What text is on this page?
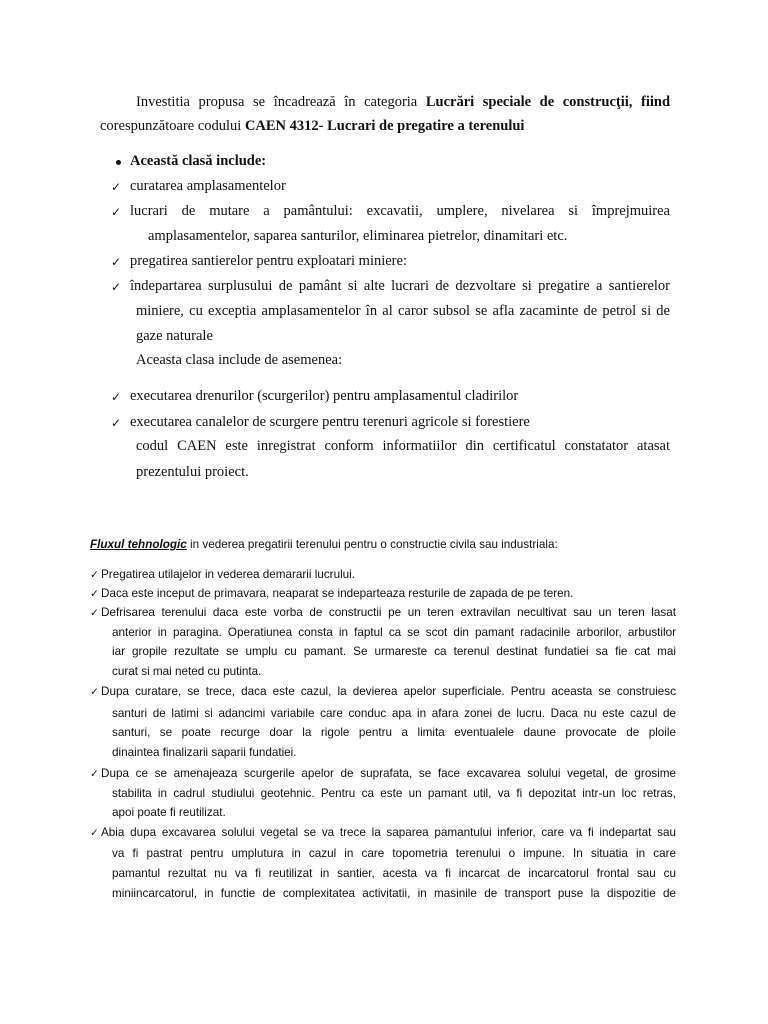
Investitia propusa se încadrează în categoria Lucrări speciale de construcţii, fiind
corespunzătoare codului CAEN 4312- Lucrari de pregatire a terenului
Această clasă include:
✓
curatarea amplasamentelor
✓
lucrari de mutare a pamântului: excavatii, umplere, nivelarea si împrejmuirea
amplasamentelor, saparea santurilor, eliminarea pietrelor, dinamitari etc.
✓
pregatirea santierelor pentru exploatari miniere:
✓
îndepartarea surplusului de pamânt si alte lucrari de dezvoltare si pregatire a santierelor
miniere, cu exceptia amplasamentelor în al caror subsol se afla zacaminte de petrol si de
gaze naturale
Aceasta clasa include de asemenea:
✓
executarea drenurilor (scurgerilor) pentru amplasamentul cladirilor
✓
executarea canalelor de scurgere pentru terenuri agricole si forestiere
codul CAEN este inregistrat conform informatiilor din certificatul constatator atasat
prezentului proiect.
Fluxul tehnologic in vederea pregatirii terenului pentru o constructie civila sau industriala:
✓Pregatirea utilajelor in vederea demararii lucrului.
✓Daca este inceput de primavara, neaparat se indeparteaza resturile de zapada de pe teren.
✓Defrisarea terenului daca este vorba de constructii pe un teren extravilan necultivat sau un teren lasat
anterior in paragina. Operatiunea consta in faptul ca se scot din pamant radacinile arborilor, arbustilor
iar gropile rezultate se umplu cu pamant. Se urmareste ca terenul destinat fundatiei sa fie cat mai
curat si mai neted cu putinta.
✓Dupa curatare, se trece, daca este cazul, la devierea apelor superficiale. Pentru aceasta se construiesc
santuri de latimi si adancimi variabile care conduc apa in afara zonei de lucru. Daca nu este cazul de
santuri, se poate recurge doar la rigole pentru a limita eventualele daune provocate de ploile
dinaintea finalizarii saparii fundatiei.
✓Dupa ce se amenajeaza scurgerile apelor de suprafata, se face excavarea solului vegetal, de grosime
stabilita in cadrul studiului geotehnic. Pentru ca este un pamant util, va fi depozitat intr-un loc retras,
apoi poate fi reutilizat.
✓Abia dupa excavarea solului vegetal se va trece la saparea pamantului inferior, care va fi indepartat sau
va fi pastrat pentru umplutura in cazul in care topometria terenului o impune. In situatia in care
pamantul rezultat nu va fi reutilizat in santier, acesta va fi incarcat de incarcatorul frontal sau cu
miniincarcatorul, in functie de complexitatea activitatii, in masinile de transport puse la dispozitie de
